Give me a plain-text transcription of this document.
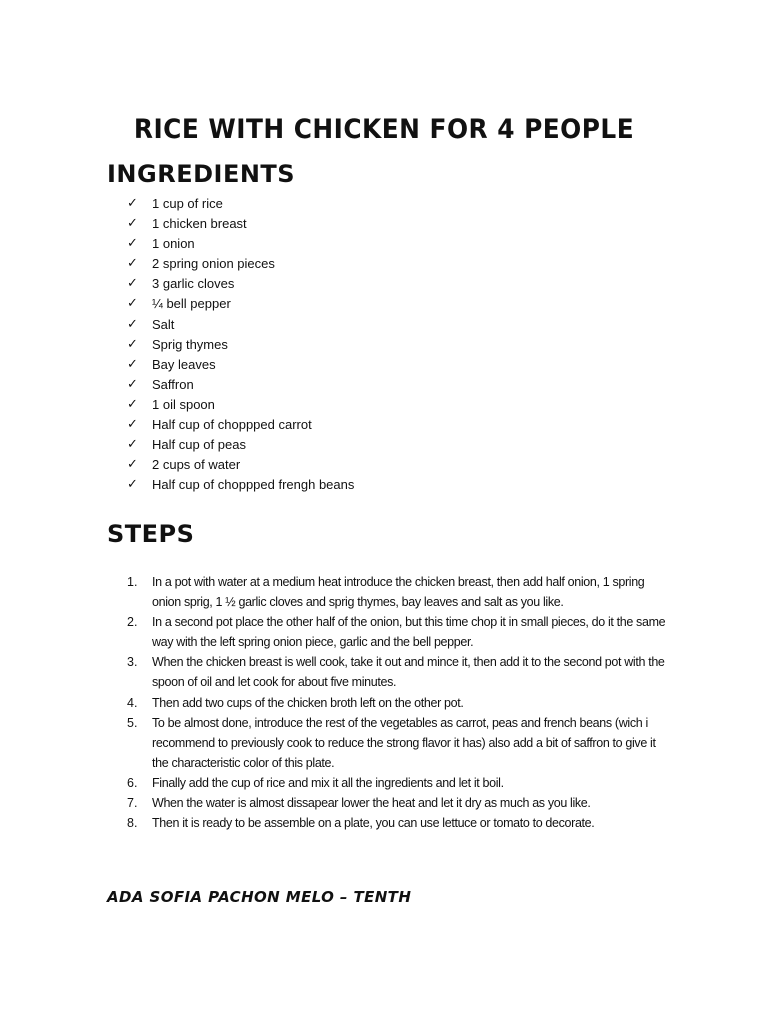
RICE WITH CHICKEN FOR 4 PEOPLE
INGREDIENTS
✓	1 cup of rice
✓	1 chicken breast
✓	1 onion
✓	2 spring onion pieces
✓	3 garlic cloves
✓	¼ bell pepper
✓	Salt
✓	Sprig thymes
✓	Bay leaves
✓	Saffron
✓	1 oil spoon
✓	Half cup of choppped carrot
✓	Half cup of peas
✓	2 cups of water
✓	Half cup of choppped frengh beans
STEPS
1.	In a pot with water at a medium heat introduce the chicken breast, then add half onion, 1 spring onion sprig, 1 ½ garlic cloves and sprig thymes, bay leaves and salt as you like.
2.	In a second pot place the other half of the onion, but this time chop it in small pieces, do it the same way with the left spring onion piece, garlic and the bell pepper.
3.	When the chicken breast is well cook, take it out and mince it, then add it to the second pot with the spoon of oil and let cook for about five minutes.
4.	Then add two cups of the chicken broth left on the other pot.
5.	To be almost done, introduce the rest of the vegetables as carrot, peas and french beans (wich i recommend to previously cook to reduce the strong flavor it has) also add a bit of saffron to give it the characteristic color of this plate.
6.	Finally add the cup of rice and mix it all the ingredients and let it boil.
7.	When the water is almost dissapear lower the heat and let it dry as much as you like.
8.	Then it is ready to be assemble on a plate, you can use lettuce or tomato to decorate.
ADA SOFIA PACHON MELO – TENTH
